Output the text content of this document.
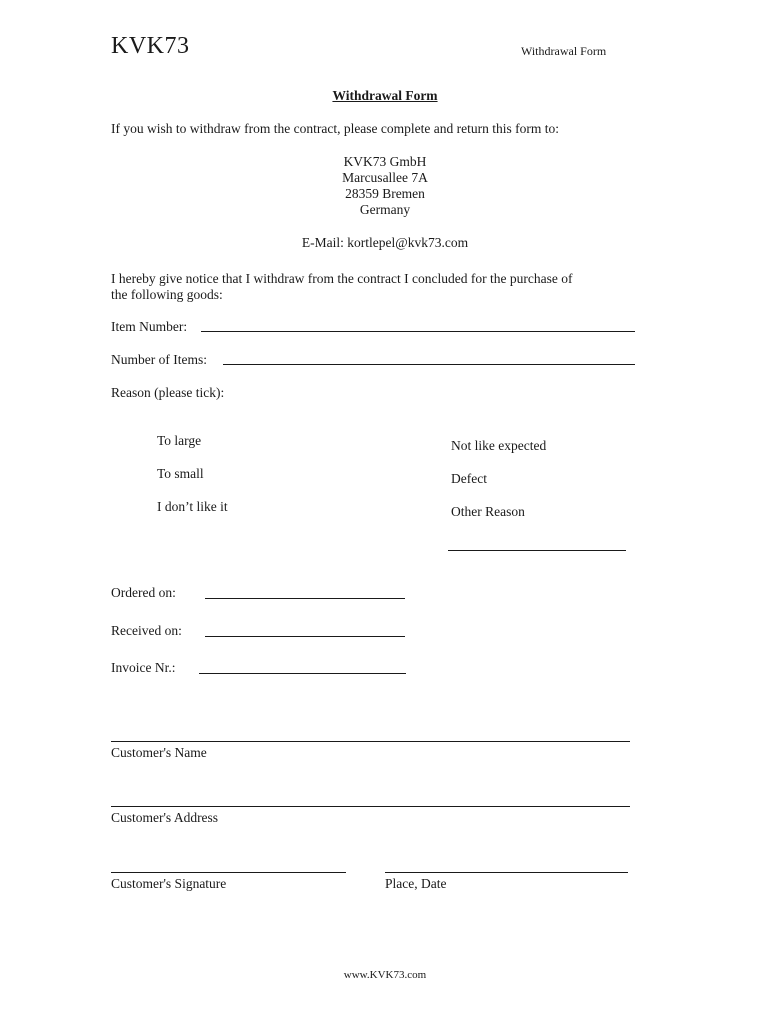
KVK73	Withdrawal Form
Withdrawal Form
If you wish to withdraw from the contract, please complete and return this form to:
KVK73 GmbH
Marcusallee 7A
28359 Bremen
Germany
E-Mail: kortlepel@kvk73.com
I hereby give notice that I withdraw from the contract I concluded for the purchase of
the following goods:
Item Number:
Number of Items:
Reason (please tick):
To large
To small
I don’t like it
Not like expected
Defect
Other Reason
Ordered on:
Received on:
Invoice Nr.:
Customer's Name
Customer's Address
Customer's Signature	Place, Date
www.KVK73.com
